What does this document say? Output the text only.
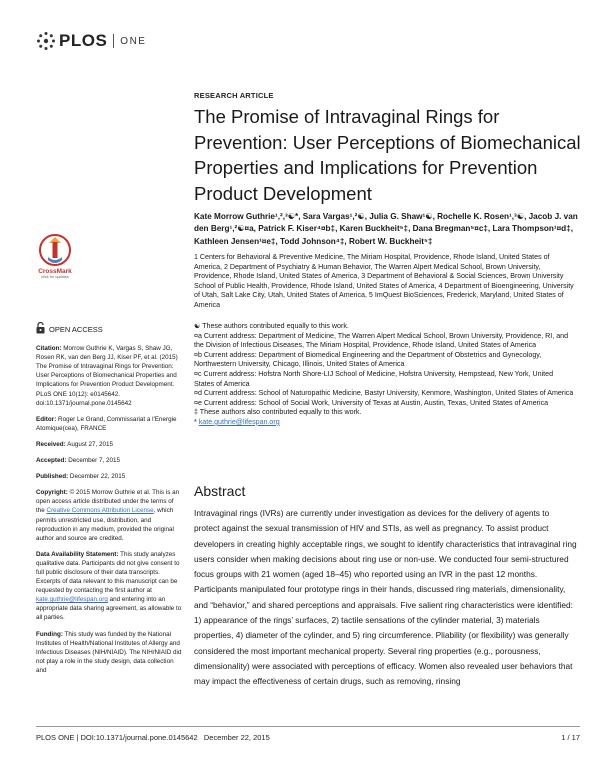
PLOS ONE
RESEARCH ARTICLE
The Promise of Intravaginal Rings for Prevention: User Perceptions of Biomechanical Properties and Implications for Prevention Product Development
Kate Morrow Guthrie¹,²,³☯*, Sara Vargas¹,²☯, Julia G. Shaw¹☯, Rochelle K. Rosen¹,³☯, Jacob J. van den Berg¹,²☯¤a, Patrick F. Kiser⁴¤b‡, Karen Buckheit⁵‡, Dana Bregman⁵¤c‡, Lara Thompson¹¤d‡, Kathleen Jensen¹¤e‡, Todd Johnson⁴‡, Robert W. Buckheit⁵‡
1 Centers for Behavioral & Preventive Medicine, The Miriam Hospital, Providence, Rhode Island, United States of America, 2 Department of Psychiatry & Human Behavior, The Warren Alpert Medical School, Brown University, Providence, Rhode Island, United States of America, 3 Department of Behavioral & Social Sciences, Brown University School of Public Health, Providence, Rhode Island, United States of America, 4 Department of Bioengineering, University of Utah, Salt Lake City, Utah, United States of America, 5 ImQuest BioSciences, Frederick, Maryland, United States of America
☯ These authors contributed equally to this work.
¤a Current address: Department of Medicine, The Warren Alpert Medical School, Brown University, Providence, RI, and the Division of Infectious Diseases, The Miriam Hospital, Providence, Rhode Island, United States of America
¤b Current address: Department of Biomedical Engineering and the Department of Obstetrics and Gynecology, Northwestern University, Chicago, Illinois, United States of America
¤c Current address: Hofstra North Shore-LIJ School of Medicine, Hofstra University, Hempstead, New York, United States of America
¤d Current address: School of Naturopathic Medicine, Bastyr University, Kenmore, Washington, United States of America
¤e Current address: School of Social Work, University of Texas at Austin, Austin, Texas, United States of America
‡ These authors also contributed equally to this work.
* kate.guthrie@lifespan.org
CrossMark
click for updates
OPEN ACCESS
Citation: Morrow Guthrie K, Vargas S, Shaw JG, Rosen RK, van den Berg JJ, Kiser PF, et al. (2015) The Promise of Intravaginal Rings for Prevention: User Perceptions of Biomechanical Properties and Implications for Prevention Product Development. PLoS ONE 10(12): e0145642. doi:10.1371/journal.pone.0145642
Editor: Roger Le Grand, Commissariat a l'Energie Atomique(cea), FRANCE
Received: August 27, 2015
Accepted: December 7, 2015
Published: December 22, 2015
Copyright: © 2015 Morrow Guthrie et al. This is an open access article distributed under the terms of the Creative Commons Attribution License, which permits unrestricted use, distribution, and reproduction in any medium, provided the original author and source are credited.
Data Availability Statement: This study analyzes qualitative data. Participants did not give consent to full public disclosure of their data transcripts. Excerpts of data relevant to this manuscript can be requested by contacting the first author at kate.guthrie@lifespan.org and entering into an appropriate data sharing agreement, as allowable to all parties.
Funding: This study was funded by the National Institutes of Health/National Institutes of Allergy and Infectious Diseases (NIH/NIAID). The NIH/NIAID did not play a role in the study design, data collection and
Abstract
Intravaginal rings (IVRs) are currently under investigation as devices for the delivery of agents to protect against the sexual transmission of HIV and STIs, as well as pregnancy. To assist product developers in creating highly acceptable rings, we sought to identify characteristics that intravaginal ring users consider when making decisions about ring use or non-use. We conducted four semi-structured focus groups with 21 women (aged 18–45) who reported using an IVR in the past 12 months. Participants manipulated four prototype rings in their hands, discussed ring materials, dimensionality, and “behavior,” and shared perceptions and appraisals. Five salient ring characteristics were identified: 1) appearance of the rings’ surfaces, 2) tactile sensations of the cylinder material, 3) materials properties, 4) diameter of the cylinder, and 5) ring circumference. Pliability (or flexibility) was generally considered the most important mechanical property. Several ring properties (e.g., porousness, dimensionality) were associated with perceptions of efficacy. Women also revealed user behaviors that may impact the effectiveness of certain drugs, such as removing, rinsing
PLOS ONE | DOI:10.1371/journal.pone.0145642   December 22, 2015	1 / 17
